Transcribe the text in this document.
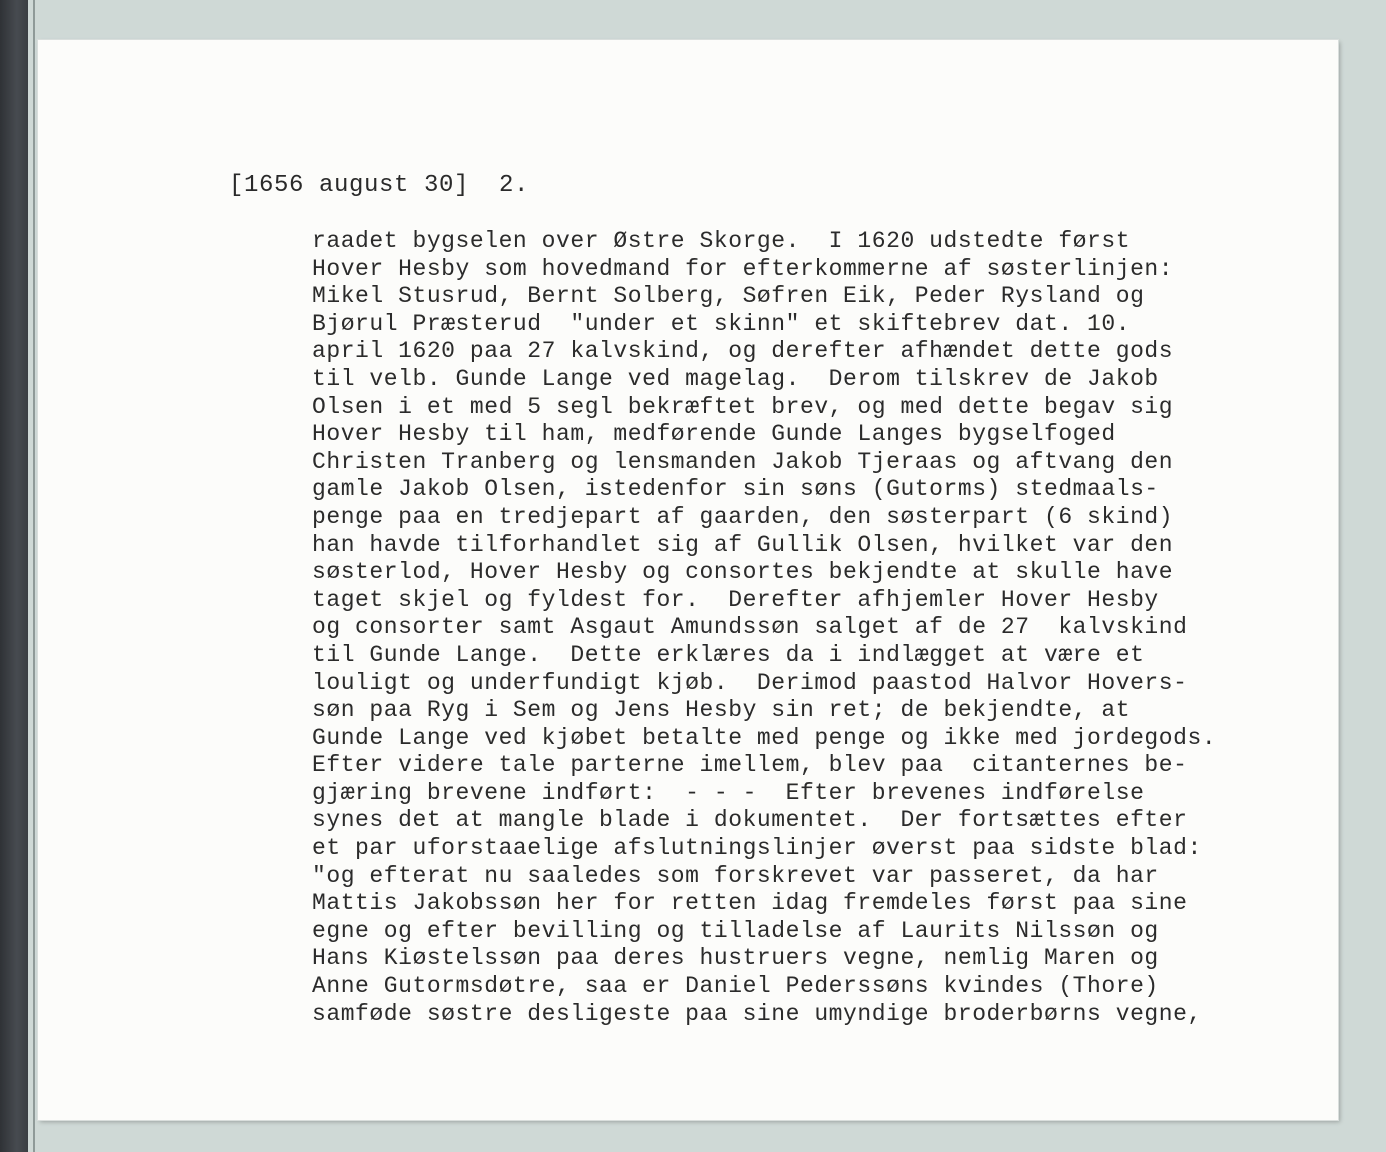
[1656 august 30]  2.

raadet bygselen over Østre Skorge.  I 1620 udstedte først
Hover Hesby som hovedmand for efterkommerne af søsterlinjen:
Mikel Stusrud, Bernt Solberg, Søfren Eik, Peder Rysland og
Bjørul Præsterud  "under et skinn" et skiftebrev dat. 10.
april 1620 paa 27 kalvskind, og derefter afhændet dette gods
til velb. Gunde Lange ved magelag.  Derom tilskrev de Jakob
Olsen i et med 5 segl bekræftet brev, og med dette begav sig
Hover Hesby til ham, medførende Gunde Langes bygselfoged
Christen Tranberg og lensmanden Jakob Tjeraas og aftvang den
gamle Jakob Olsen, istedenfor sin søns (Gutorms) stedmaals-
penge paa en tredjepart af gaarden, den søsterpart (6 skind)
han havde tilforhandlet sig af Gullik Olsen, hvilket var den
søsterlod, Hover Hesby og consortes bekjendte at skulle have
taget skjel og fyldest for.  Derefter afhjemler Hover Hesby
og consorter samt Asgaut Amundssøn salget af de 27  kalvskind
til Gunde Lange.  Dette erklæres da i indlægget at være et
louligt og underfundigt kjøb.  Derimod paastod Halvor Hovers-
søn paa Ryg i Sem og Jens Hesby sin ret; de bekjendte, at
Gunde Lange ved kjøbet betalte med penge og ikke med jordegods.
Efter videre tale parterne imellem, blev paa  citanternes be-
gjæring brevene indført:  - - -  Efter brevenes indførelse
synes det at mangle blade i dokumentet.  Der fortsættes efter
et par uforstaaelige afslutningslinjer øverst paa sidste blad:
"og efterat nu saaledes som forskrevet var passeret, da har
Mattis Jakobssøn her for retten idag fremdeles først paa sine
egne og efter bevilling og tilladelse af Laurits Nilssøn og
Hans Kiøstelssøn paa deres hustruers vegne, nemlig Maren og
Anne Gutormsdøtre, saa er Daniel Pederssøns kvindes (Thore)
samføde søstre desligeste paa sine umyndige broderbørns vegne,
